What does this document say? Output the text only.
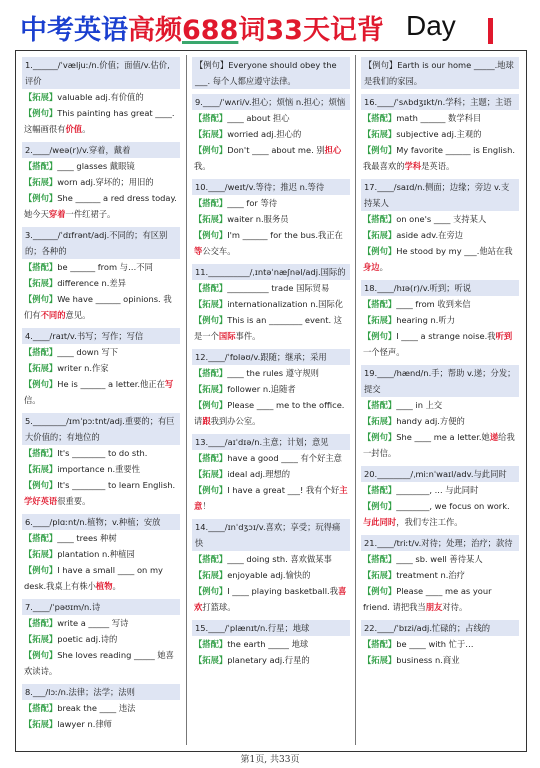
中考英语高频688词33天记背 Day
1.______/ˈvæljuː/n.价值；面值/v.估价,评价
【拓展】valuable adj.有价值的
【例句】This painting has great ____. 这幅画很有价值。
2.____/weə(r)/v.穿着，戴着
【搭配】____ glasses 戴眼镜
【拓展】worn adj.穿坏的；用旧的
【例句】She ______ a red dress today. 她今天穿着一件红裙子。
3.______/ˈdɪfrənt/adj.不同的；有区别的；各种的
【搭配】be ______ from 与…不同
【拓展】difference n.差异
【例句】We have ______ opinions. 我们有不同的意见。
4.____/raɪt/v.书写；写作；写信
【搭配】____ down 写下
【拓展】writer n.作家
【例句】He is ______ a letter.他正在写信。
5.________/ɪmˈpɔːtnt/adj.重要的；有巨大价值的；有地位的
【搭配】It's ________ to do sth.
【拓展】importance n.重要性
【例句】It's ________ to learn English.学好英语很重要。
6.____/plɑːnt/n.植物；v.种植；安放
【搭配】____ trees 种树
【拓展】plantation n.种植园
【例句】I have a small ____ on my desk.我桌上有株小植物。
7.____/ˈpəʊɪm/n.诗
【搭配】write a _____ 写诗
【拓展】poetic adj.诗的
【例句】She loves reading _____ 她喜欢读诗。
8.___/lɔː/n.法律；法学；法则
【搭配】break the ____ 违法
【拓展】lawyer n.律师
【例句】Everyone should obey the ___. 每个人都应遵守法律。
9.____/ˈwʌri/v.担心；烦恼 n.担心；烦恼
【搭配】____ about 担心
【拓展】worried adj.担心的
【例句】Don't ____ about me. 别担心我。
10.____/weɪt/v.等待；推迟 n.等待
【搭配】____ for 等待
【拓展】waiter n.服务员
【例句】I'm ______ for the bus.我正在等公交车。
11.__________/ˌɪntəˈnæʃnəl/adj.国际的
【搭配】__________ trade 国际贸易
【拓展】internationalization n.国际化
【例句】This is an ________ event. 这是一个国际事件。
12.____/ˈfɒləʊ/v.跟随；继承；采用
【搭配】____ the rules 遵守规则
【拓展】follower n.追随者
【例句】Please ____ me to the office. 请跟我到办公室。
13.____/aɪˈdɪə/n.主意；计划；意见
【搭配】have a good ____ 有个好主意
【拓展】ideal adj.理想的
【例句】I have a great ___! 我有个好主意！
14.____/ɪnˈdʒɔɪ/v.喜欢；享受；玩得痛快
【搭配】____ doing sth. 喜欢做某事
【拓展】enjoyable adj.愉快的
【例句】I ____ playing basketball.我喜欢打篮球。
15.____/ˈplænɪt/n.行星；地球
【搭配】the earth _____ 地球
【拓展】planetary adj.行星的
【例句】Earth is our home _____.地球是我们的家园。
16.____/ˈsʌbdʒɪkt/n.学科；主题；主语
【搭配】math ______ 数学科目
【拓展】subjective adj.主观的
【例句】My favorite ______ is English.我最喜欢的学科是英语。
17.____/saɪd/n.侧面；边缘；旁边 v.支持某人
【搭配】on one's ____ 支持某人
【拓展】aside adv.在旁边
【例句】He stood by my ___.他站在我身边。
18.____/hɪə(r)/v.听到；听说
【搭配】____ from 收到来信
【拓展】hearing n.听力
【例句】I ____ a strange noise.我听到一个怪声。
19.____/hænd/n.手；帮助 v.递；分发；提交
【搭配】____ in 上交
【拓展】handy adj.方便的
【例句】She ____ me a letter.她递给我一封信。
20.________/ˌmiːnˈwaɪl/adv.与此同时
【搭配】________, ... 与此同时
【例句】________, we focus on work.与此同时，我们专注工作。
21.____/triːt/v.对待；处理；治疗；款待
【搭配】____ sb. well 善待某人
【拓展】treatment n.治疗
【例句】Please ____ me as your friend. 请把我当朋友对待。
22.____/ˈbɪzi/adj.忙碌的；占线的
【搭配】be ____ with 忙于…
【拓展】business n.商业
第1页, 共33页
